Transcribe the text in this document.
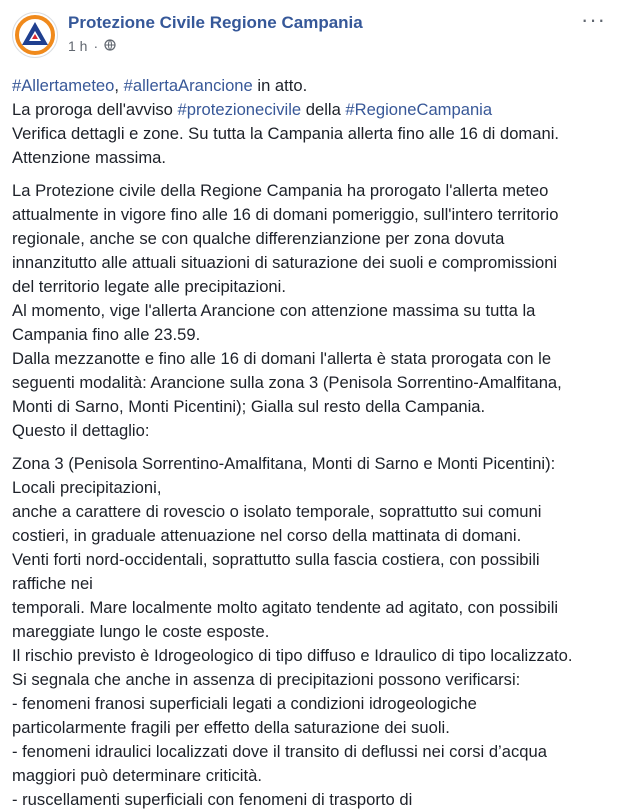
Protezione Civile Regione Campania
1 h ·
···

#Allertameteo, #allertaArancione in atto.
La proroga dell'avviso #protezionecivile della #RegioneCampania
Verifica dettagli e zone. Su tutta la Campania allerta fino alle 16 di domani.
Attenzione massima.

La Protezione civile della Regione Campania ha prorogato l'allerta meteo
attualmente in vigore fino alle 16 di domani pomeriggio, sull'intero territorio
regionale, anche se con qualche differenzianzione per zona dovuta
innanzitutto alle attuali situazioni di saturazione dei suoli e compromissioni
del territorio legate alle precipitazioni.
Al momento, vige l'allerta Arancione con attenzione massima su tutta la
Campania fino alle 23.59.
Dalla mezzanotte e fino alle 16 di domani l'allerta è stata prorogata con le
seguenti modalità: Arancione sulla zona 3 (Penisola Sorrentino-Amalfitana,
Monti di Sarno, Monti Picentini); Gialla sul resto della Campania.
Questo il dettaglio:

Zona 3 (Penisola Sorrentino-Amalfitana, Monti di Sarno e Monti Picentini):
Locali precipitazioni,
anche a carattere di rovescio o isolato temporale, soprattutto sui comuni
costieri, in graduale attenuazione nel corso della mattinata di domani.
Venti forti nord-occidentali, soprattutto sulla fascia costiera, con possibili
raffiche nei
temporali. Mare localmente molto agitato tendente ad agitato, con possibili
mareggiate lungo le coste esposte.
Il rischio previsto è Idrogeologico di tipo diffuso e Idraulico di tipo localizzato.
Si segnala che anche in assenza di precipitazioni possono verificarsi:
- fenomeni franosi superficiali legati a condizioni idrogeologiche
particolarmente fragili per effetto della saturazione dei suoli.
- fenomeni idraulici localizzati dove il transito di deflussi nei corsi d’acqua
maggiori può determinare criticità.
- ruscellamenti superficiali con fenomeni di trasporto di
